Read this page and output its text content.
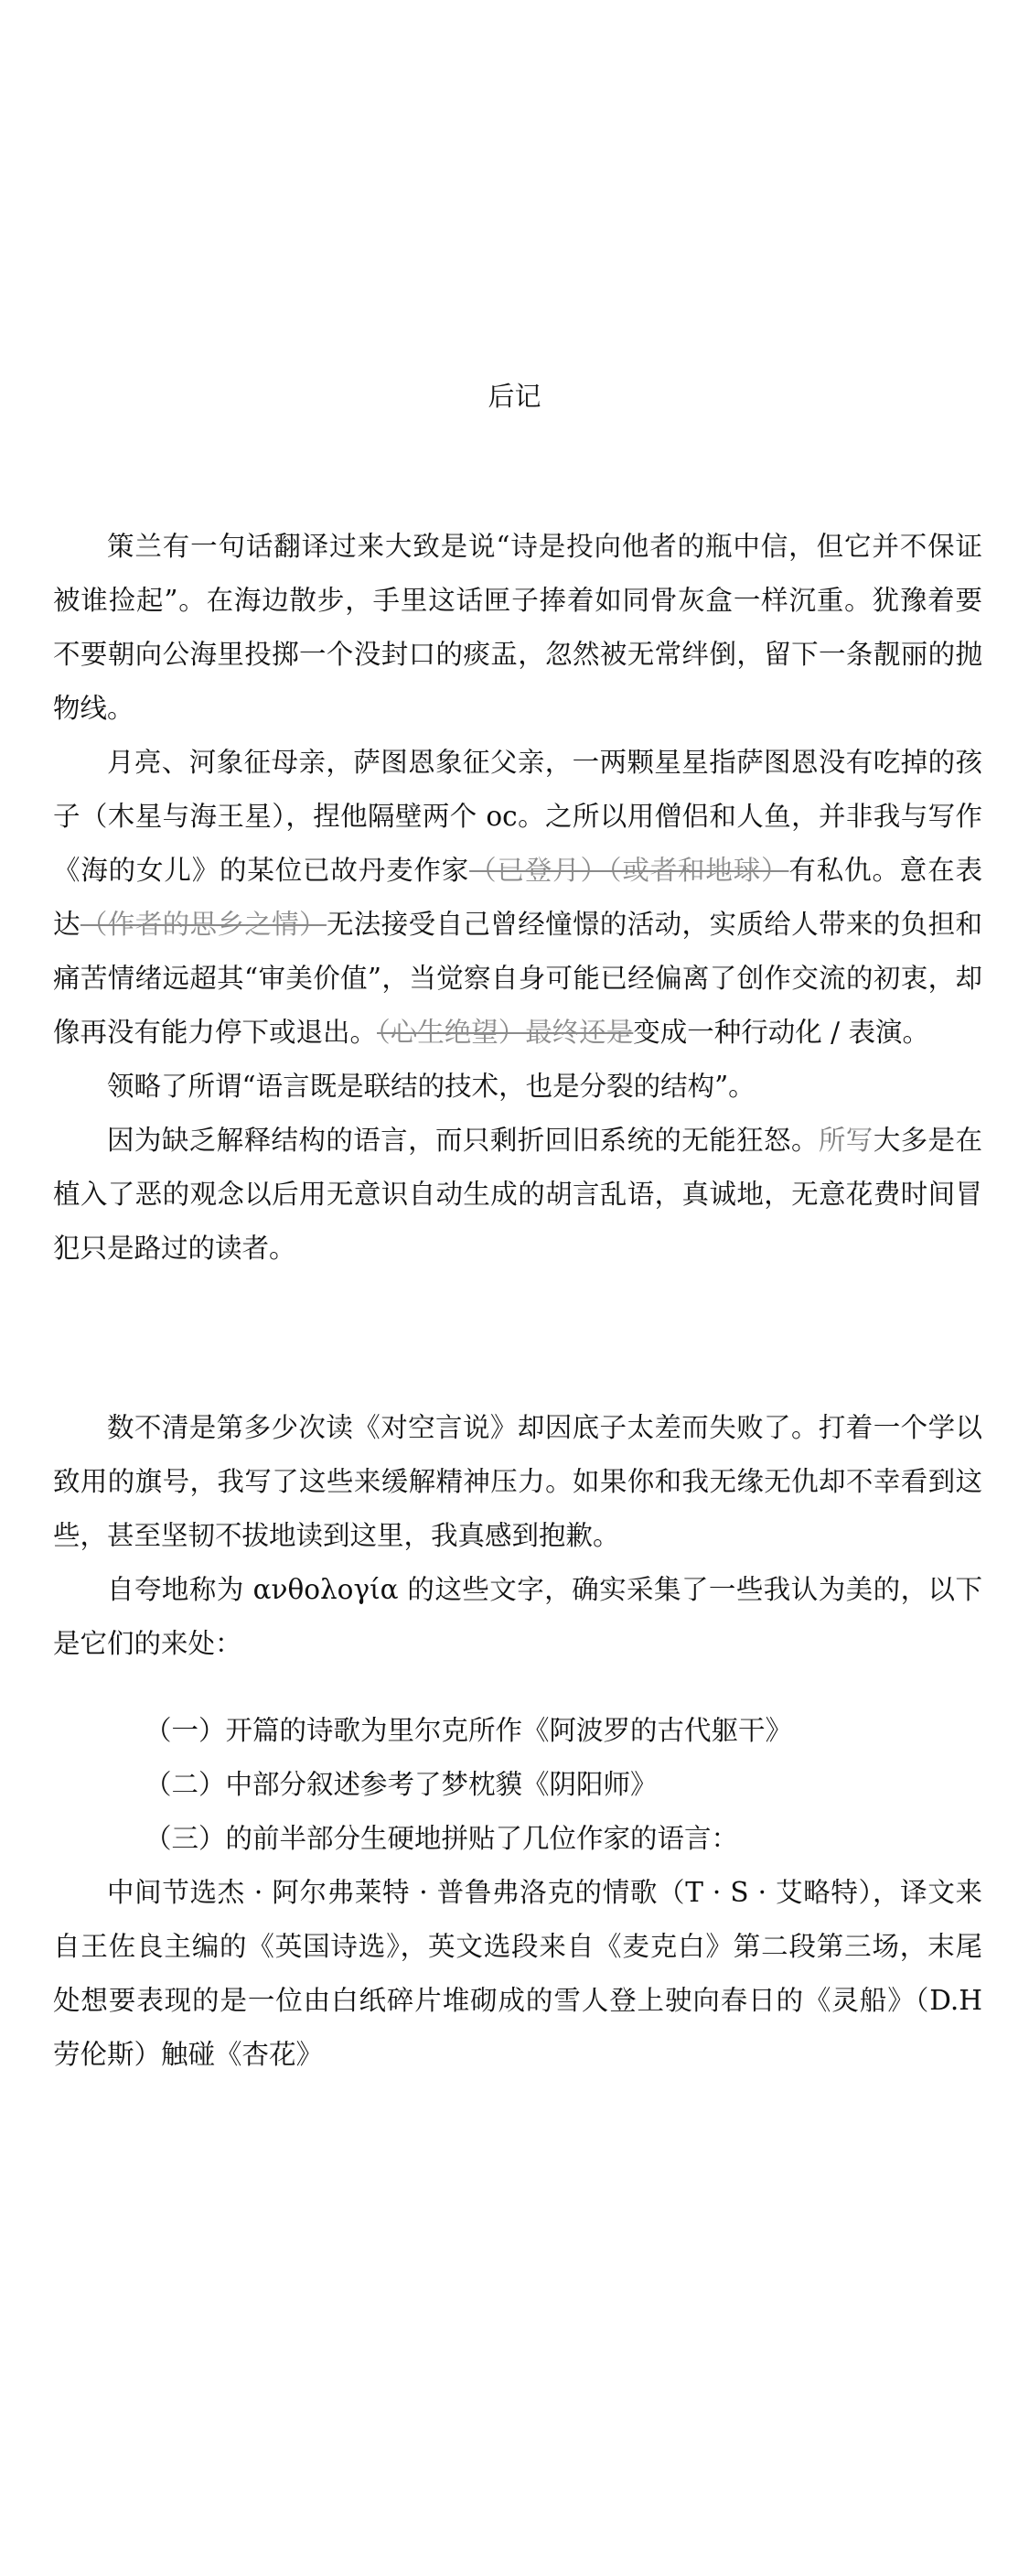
后记

策兰有一句话翻译过来大致是说“诗是投向他者的瓶中信，但它并不保证被谁捡起”。在海边散步，手里这话匣子捧着如同骨灰盒一样沉重。犹豫着要不要朝向公海里投掷一个没封口的痰盂，忽然被无常绊倒，留下一条靓丽的抛物线。

月亮、河象征母亲，萨图恩象征父亲，一两颗星星指萨图恩没有吃掉的孩子（木星与海王星），捏他隔壁两个 oc。之所以用僧侣和人鱼，并非我与写作《海的女儿》的某位已故丹麦作家（已登月）（或者和地球）有私仇。意在表达（作者的思乡之情）无法接受自己曾经憧憬的活动，实质给人带来的负担和痛苦情绪远超其“审美价值”，当觉察自身可能已经偏离了创作交流的初衷，却像再没有能力停下或退出。（心生绝望）最终还是变成一种行动化 / 表演。

领略了所谓“语言既是联结的技术，也是分裂的结构”。

因为缺乏解释结构的语言，而只剩折回旧系统的无能狂怒。所写大多是在植入了恶的观念以后用无意识自动生成的胡言乱语，真诚地，无意花费时间冒犯只是路过的读者。

数不清是第多少次读《对空言说》却因底子太差而失败了。打着一个学以致用的旗号，我写了这些来缓解精神压力。如果你和我无缘无仇却不幸看到这些，甚至坚韧不拔地读到这里，我真感到抱歉。

自夸地称为 ανθολογία 的这些文字，确实采集了一些我认为美的，以下是它们的来处：

（一）开篇的诗歌为里尔克所作《阿波罗的古代躯干》

（二）中部分叙述参考了梦枕貘《阴阳师》

（三）的前半部分生硬地拼贴了几位作家的语言：

中间节选杰 · 阿尔弗莱特 · 普鲁弗洛克的情歌（T · S · 艾略特），译文来自王佐良主编的《英国诗选》，英文选段来自《麦克白》第二段第三场，末尾处想要表现的是一位由白纸碎片堆砌成的雪人登上驶向春日的《灵船》（D.H 劳伦斯）触碰《杏花》
